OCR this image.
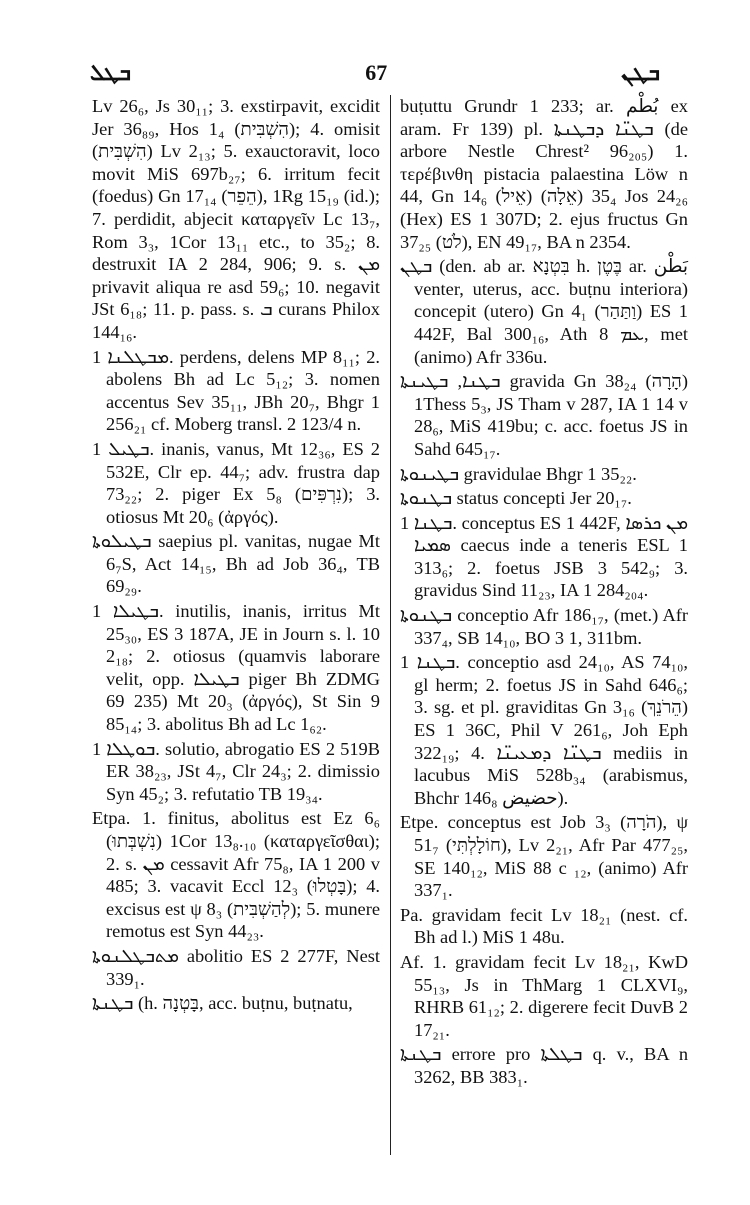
ܒܛܠ	67	ܒܛܢ

Lv 26₆, Js 30₁₁; 3. exstirpavit, excidit Jer 36₈₉, Hos 1₄ (הִשְׁבִּית); 4. omisit (הִשְׁבִּית) Lv 2₁₃; 5. exauctoravit, loco movit MiS 697b₂₇; 6. irritum fecit (foedus) Gn 17₁₄ (הֵפֵר), 1Rg 15₁₉ (id.); 7. perdidit, abjecit καταργεῖν Lc 13₇, Rom 3₃, 1Cor 13₁₁ etc., to 35₂; 8. destruxit IA 2 284, 906; 9. s. ܡܢ privavit aliqua re asd 59₆; 10. negavit JSt 6₁₈; 11. p. pass. s. ܒ curans Philox 144₁₆.

ܡܒܛܠܢܐ 1. perdens, delens MP 8₁₁; 2. abolens Bh ad Lc 5₁₂; 3. nomen accentus Sev 35₁₁, JBh 20₇, Bhgr 1 256₂₁ cf. Moberg transl. 2 123/4 n.

ܒܛܝܠ 1. inanis, vanus, Mt 12₃₆, ES 2 532E, Clr ep. 44₇; adv. frustra dap 73₂₂; 2. piger Ex 5₈ (נִרְפִּים); 3. otiosus Mt 20₆ (ἀργός).

ܒܛܝܠܘܬܐ saepius pl. vanitas, nugae Mt 6₇S, Act 14₁₅, Bh ad Job 36₄, TB 69₂₉.

ܒܛܝܠܐ 1. inutilis, inanis, irritus Mt 25₃₀, ES 3 187A, JE in Journ s. l. 10 2₁₈; 2. otiosus (quamvis laborare velit, opp. ܒܛܝܠܐ piger Bh ZDMG 69 235) Mt 20₃ (ἀργός), St Sin 9 85₁₄; 3. abolitus Bh ad Lc 1₆₂.

ܒܘܛܠܐ 1. solutio, abrogatio ES 2 519B ER 38₂₃, JSt 4₇, Clr 24₃; 2. dimissio Syn 45₂; 3. refutatio TB 19₃₄.

Etpa. 1. finitus, abolitus est Ez 6₆ (נִשְׁבְּתוּ) 1Cor 13₈.₁₀ (καταργεῖσθαι); 2. s. ܡܢ cessavit Afr 75₈, IA 1 200 v 485; 3. vacavit Eccl 12₃ (בָּטְלוּ); 4. excisus est ψ 8₃ (לְהַשְׁבִּית); 5. munere remotus est Syn 44₂₃.

ܡܬܒܛܠܢܘܬܐ abolitio ES 2 277F, Nest 339₁.

ܒܛܢܬܐ (h. בָּטְנָה, acc. buṭnu, buṭnatu,

buṭuttu Grundr 1 233; ar. بُطْم ex aram. Fr 139) pl. ܒܛܢ̈ܐ ܕܒܛܢܬܐ (de arbore Nestle Chrest² 96₂₀₅) 1. τερέβινθη pistacia palaestina Löw n 44, Gn 14₆ (אֵיל) 35₄ (אֵלָה) Jos 24₂₆ (Hex) ES 1 307D; 2. ejus fructus Gn 37₂₅ (לֹט), EN 49₁₇, BA n 2354.

ܒܛܢ (den. ab ar. בִּטְנָא h. בֶּטֶן ar. بَطْن venter, uterus, acc. buṭnu interiora) concepit (utero) Gn 4₁ (וַתַּהַר) ES 1 442F, Bal 300₁₆, Ath ܥܡ 8, met (animo) Afr 336u.

ܒܛܢܐ, ܒܛܝܢܬܐ gravida Gn 38₂₄ (הָרָה) 1Thess 5₃, JS Tham v 287, IA 1 14 v 28₆, MiS 419bu; c. acc. foetus JS in Sahd 645₁₇.

ܒܛܝܢܘܬܐ gravidulae Bhgr 1 35₂₂.

ܒܛܢܘܬܐ status concepti Jer 20₁₇.

ܒܛܢܐ 1. conceptus ES 1 442F, ܡܢ ܟܪܣܐ ܣܡܝܐ caecus inde a teneris ESL 1 313₆; 2. foetus JSB 3 542₉; 3. gravidus Sind 11₂₃, IA 1 284₂₀₄.

ܒܛܢܘܬܐ conceptio Afr 186₁₇, (met.) Afr 337₄, SB 14₁₀, BO 3 1, 311bm.

ܒܛܢܐ 1. conceptio asd 24₁₀, AS 74₁₀, gl herm; 2. foetus JS in Sahd 646₆; 3. sg. et pl. graviditas Gn 3₁₆ (הֵרֹנֵךְ) ES 1 36C, Phil V 261₆, Joh Eph 322₁₉; 4. ܒܛܢ̈ܐ ܕܡܥܝܢ̈ܐ mediis in lacubus MiS 528b₃₄ (arabismus, Bhchr 146₈ حضيض).

Etpe. conceptus est Job 3₃ (הֹרָה), ψ 51₇ (חוֹלָלְתִּי), Lv 2₂₁, Afr Par 477₂₅, SE 140₁₂, MiS 88 c ₁₂, (animo) Afr 337₁.

Pa. gravidam fecit Lv 18₂₁ (nest. cf. Bh ad l.) MiS 1 48u.

Af. 1. gravidam fecit Lv 18₂₁, KwD 55₁₃, Js in ThMarg 1 CLXVI₉, RHRB 61₁₂; 2. digerere fecit DuvB 2 17₂₁.

ܒܛܢܬܐ errore pro ܒܛܠܬܐ q. v., BA n 3262, BB 383₁.
